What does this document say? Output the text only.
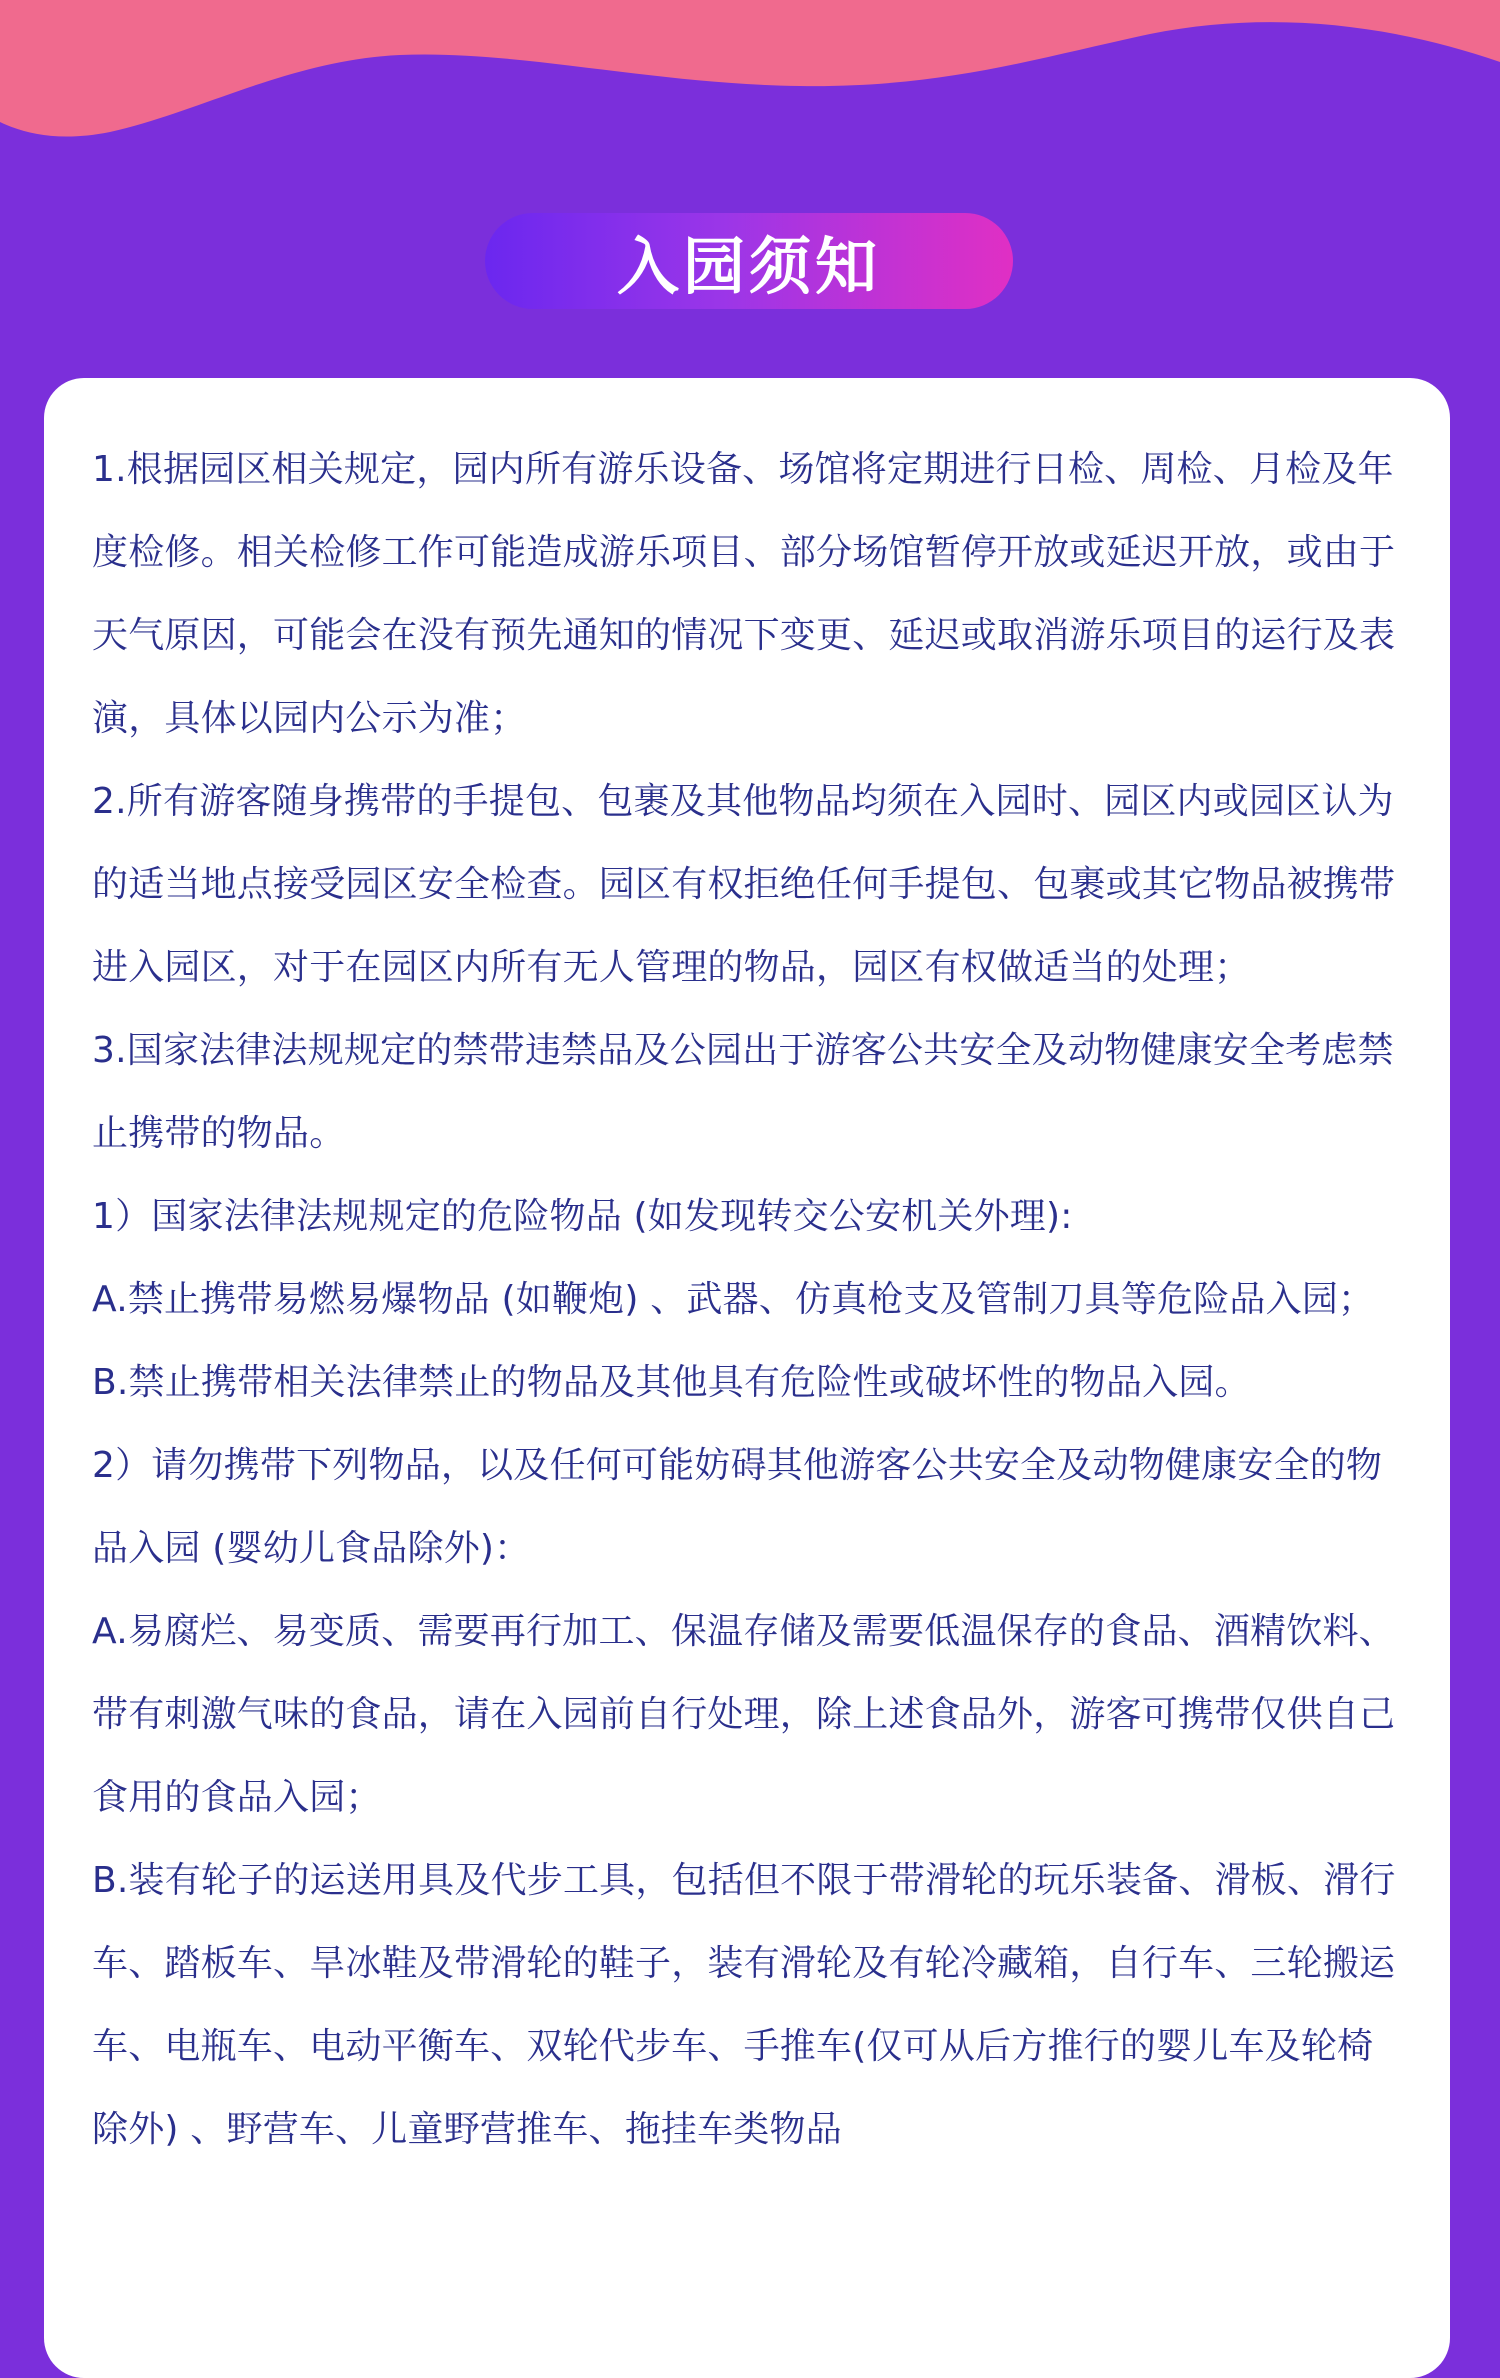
入园须知

1.根据园区相关规定，园内所有游乐设备、场馆将定期进行日检、周检、月检及年度检修。相关检修工作可能造成游乐项目、部分场馆暂停开放或延迟开放，或由于天气原因，可能会在没有预先通知的情况下变更、延迟或取消游乐项目的运行及表演，具体以园内公示为准；

2.所有游客随身携带的手提包、包裹及其他物品均须在入园时、园区内或园区认为的适当地点接受园区安全检查。园区有权拒绝任何手提包、包裹或其它物品被携带进入园区，对于在园区内所有无人管理的物品，园区有权做适当的处理；

3.国家法律法规规定的禁带违禁品及公园出于游客公共安全及动物健康安全考虑禁止携带的物品。

1）国家法律法规规定的危险物品 (如发现转交公安机关外理):

A.禁止携带易燃易爆物品 (如鞭炮) 、武器、仿真枪支及管制刀具等危险品入园；

B.禁止携带相关法律禁止的物品及其他具有危险性或破坏性的物品入园。

2）请勿携带下列物品，以及任何可能妨碍其他游客公共安全及动物健康安全的物品入园 (婴幼儿食品除外)：

A.易腐烂、易变质、需要再行加工、保温存储及需要低温保存的食品、酒精饮料、带有刺激气味的食品，请在入园前自行处理，除上述食品外，游客可携带仅供自己食用的食品入园；

B.装有轮子的运送用具及代步工具，包括但不限于带滑轮的玩乐装备、滑板、滑行车、踏板车、旱冰鞋及带滑轮的鞋子，装有滑轮及有轮冷藏箱，自行车、三轮搬运车、电瓶车、电动平衡车、双轮代步车、手推车(仅可从后方推行的婴儿车及轮椅除外) 、野营车、儿童野营推车、拖挂车类物品
